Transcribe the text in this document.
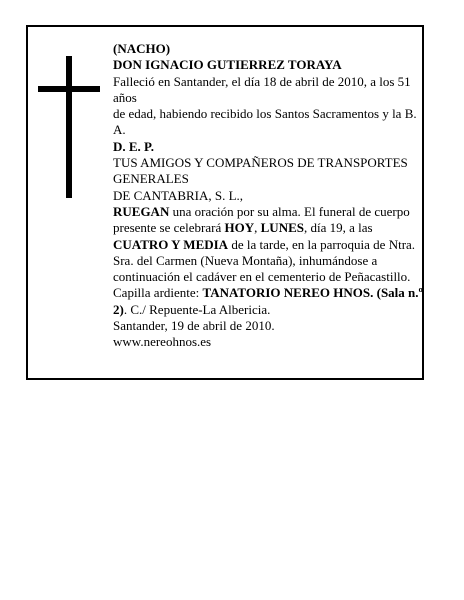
(NACHO)

DON IGNACIO GUTIERREZ TORAYA

Falleció en Santander, el día 18 de abril de 2010, a los 51 años

de edad, habiendo recibido los Santos Sacramentos y la B. A.

D. E. P.

TUS AMIGOS Y COMPAÑEROS DE TRANSPORTES GENERALES

DE CANTABRIA, S. L.,

RUEGAN una oración por su alma. El funeral de cuerpo presente se celebrará HOY, LUNES, día 19, a las CUATRO Y MEDIA de la tarde, en la parroquia de Ntra. Sra. del Carmen (Nueva Montaña), inhumándose a continuación el cadáver en el cementerio de Peñacastillo. Capilla ardiente: TANATORIO NEREO HNOS. (Sala n.º 2). C./ Repuente-La Albericia.

Santander, 19 de abril de 2010.

www.nereohnos.es
